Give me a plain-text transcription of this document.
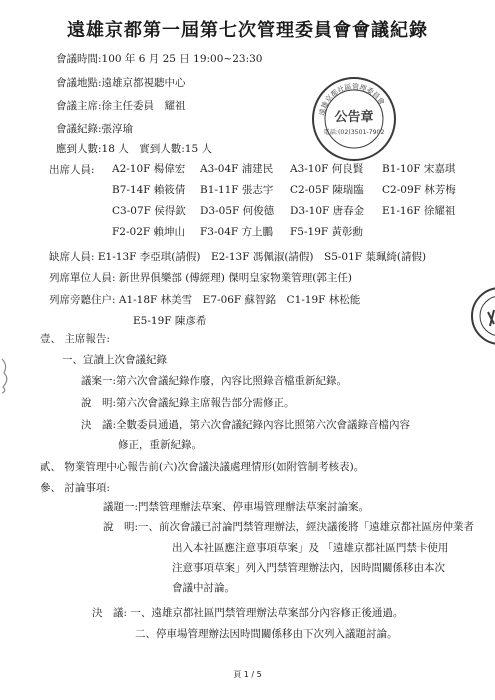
遠雄京都第一屆第七次管理委員會會議紀錄
會議時間:100 年 6 月 25 日 19:00~23:30
會議地點:遠雄京都視聽中心
會議主席:徐主任委員　耀祖
會議紀錄:張淳瑜
應到人數:18 人　實到人數:15 人
出席人員: A2-10F 楊偉宏	A3-04F 浦建民	A3-10F 何良賢	B1-10F 宋嘉琪
B7-14F 賴筱倩	B1-11F 張志宇	C2-05F 陳瑞臨	C2-09F 林芳梅
C3-07F 侯得欽	D3-05F 何俊德	D3-10F 唐春金	E1-16F 徐耀祖
F2-02F 賴坤山	F3-04F 方上鵬	F5-19F 黃彰勳
缺席人員: E1-13F 李亞琪(請假)　E2-13F 馮佩淑(請假)　S5-01F 葉珮綺(請假)
列席單位人員: 新世界俱樂部 (傅經理) 傑明皇家物業管理(郭主任)
列席旁聽住户: A1-18F 林美雪　E7-06F 蘇智銘　C1-19F 林松能
E5-19F 陳彥希
壹、 主席報告:
一、宣讀上次會議紀錄
議案一:第六次會議紀錄作廢，內容比照錄音檔重新紀錄。
說　明:第六次會議紀錄主席報告部分需修正。
決　議:全數委員通過，第六次會議紀錄內容比照第六次會議錄音檔內容
修正，重新紀錄。
貳、 物業管理中心報告前(六)次會議決議處理情形(如附管制考核表)。
參、 討論事項:
議題一:門禁管理辦法草案、停車場管理辦法草案討論案。
說　明:一、前次會議已討論門禁管理辦法，經決議後將「遠雄京都社區房仲業者
出入本社區應注意事項草案」及 「遠雄京都社區門禁卡使用
注意事項草案」列入門禁管理辦法內，因時間關係移由本次
會議中討論。
決　議: 一、遠雄京都社區門禁管理辦法草案部分內容修正後通過。
二、停車場管理辦法因時間關係移由下次列入議題討論。
頁 1 / 5
遠雄京都社區管理委員會
公告章
電話:(02)3501-7902
